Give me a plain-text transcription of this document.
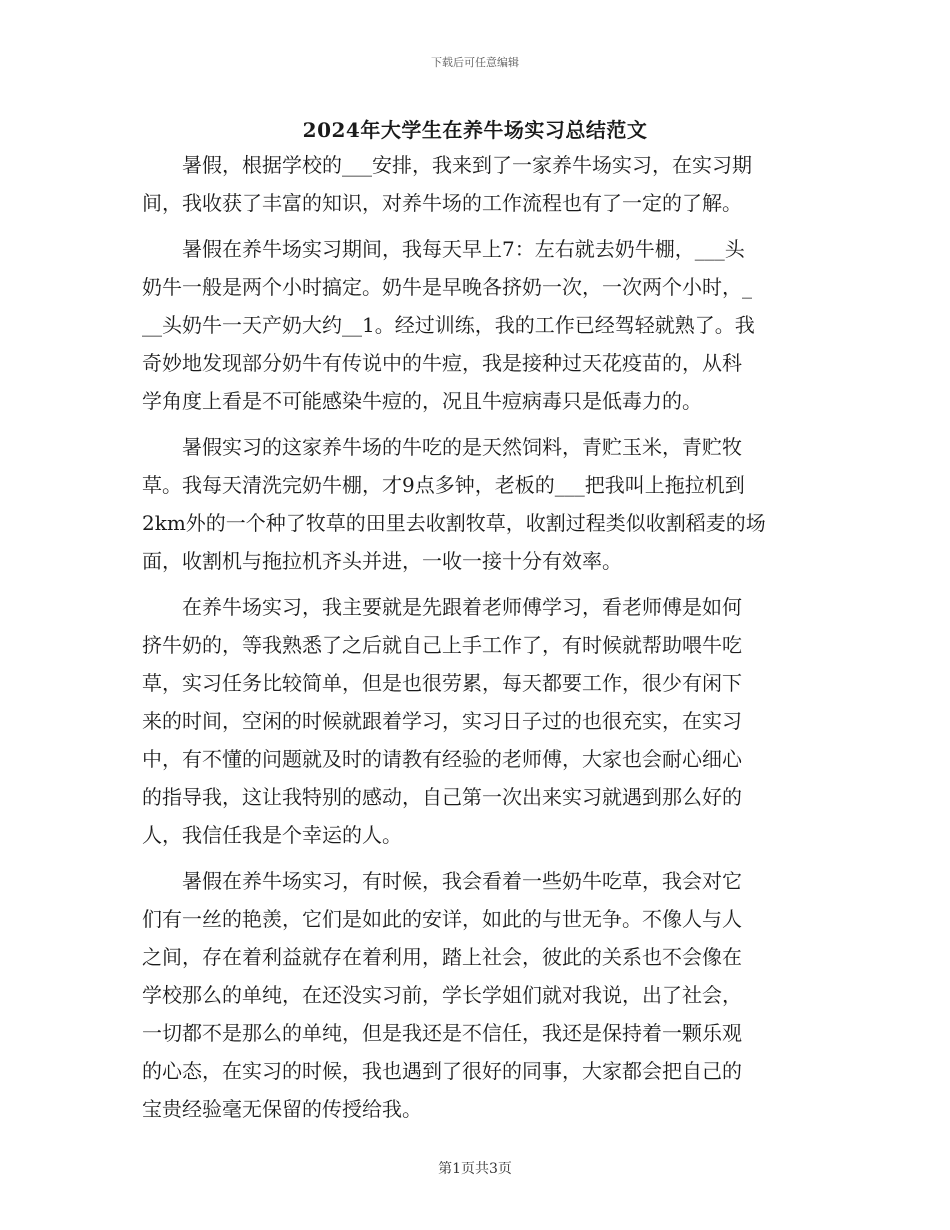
下载后可任意编辑
2024年大学生在养牛场实习总结范文
　　暑假，根据学校的___安排，我来到了一家养牛场实习，在实习期
间，我收获了丰富的知识，对养牛场的工作流程也有了一定的了解。
　　暑假在养牛场实习期间，我每天早上7：左右就去奶牛棚，___头
奶牛一般是两个小时搞定。奶牛是早晚各挤奶一次，一次两个小时，_
__头奶牛一天产奶大约__1。经过训练，我的工作已经驾轻就熟了。我
奇妙地发现部分奶牛有传说中的牛痘，我是接种过天花疫苗的，从科
学角度上看是不可能感染牛痘的，况且牛痘病毒只是低毒力的。
　　暑假实习的这家养牛场的牛吃的是天然饲料，青贮玉米，青贮牧
草。我每天清洗完奶牛棚，才9点多钟，老板的___把我叫上拖拉机到
2km外的一个种了牧草的田里去收割牧草，收割过程类似收割稻麦的场
面，收割机与拖拉机齐头并进，一收一接十分有效率。
　　在养牛场实习，我主要就是先跟着老师傅学习，看老师傅是如何
挤牛奶的，等我熟悉了之后就自己上手工作了，有时候就帮助喂牛吃
草，实习任务比较简单，但是也很劳累，每天都要工作，很少有闲下
来的时间，空闲的时候就跟着学习，实习日子过的也很充实，在实习
中，有不懂的问题就及时的请教有经验的老师傅，大家也会耐心细心
的指导我，这让我特别的感动，自己第一次出来实习就遇到那么好的
人，我信任我是个幸运的人。
　　暑假在养牛场实习，有时候，我会看着一些奶牛吃草，我会对它
们有一丝的艳羡，它们是如此的安详，如此的与世无争。不像人与人
之间，存在着利益就存在着利用，踏上社会，彼此的关系也不会像在
学校那么的单纯，在还没实习前，学长学姐们就对我说，出了社会，
一切都不是那么的单纯，但是我还是不信任，我还是保持着一颗乐观
的心态，在实习的时候，我也遇到了很好的同事，大家都会把自己的
宝贵经验毫无保留的传授给我。
第1页共3页
